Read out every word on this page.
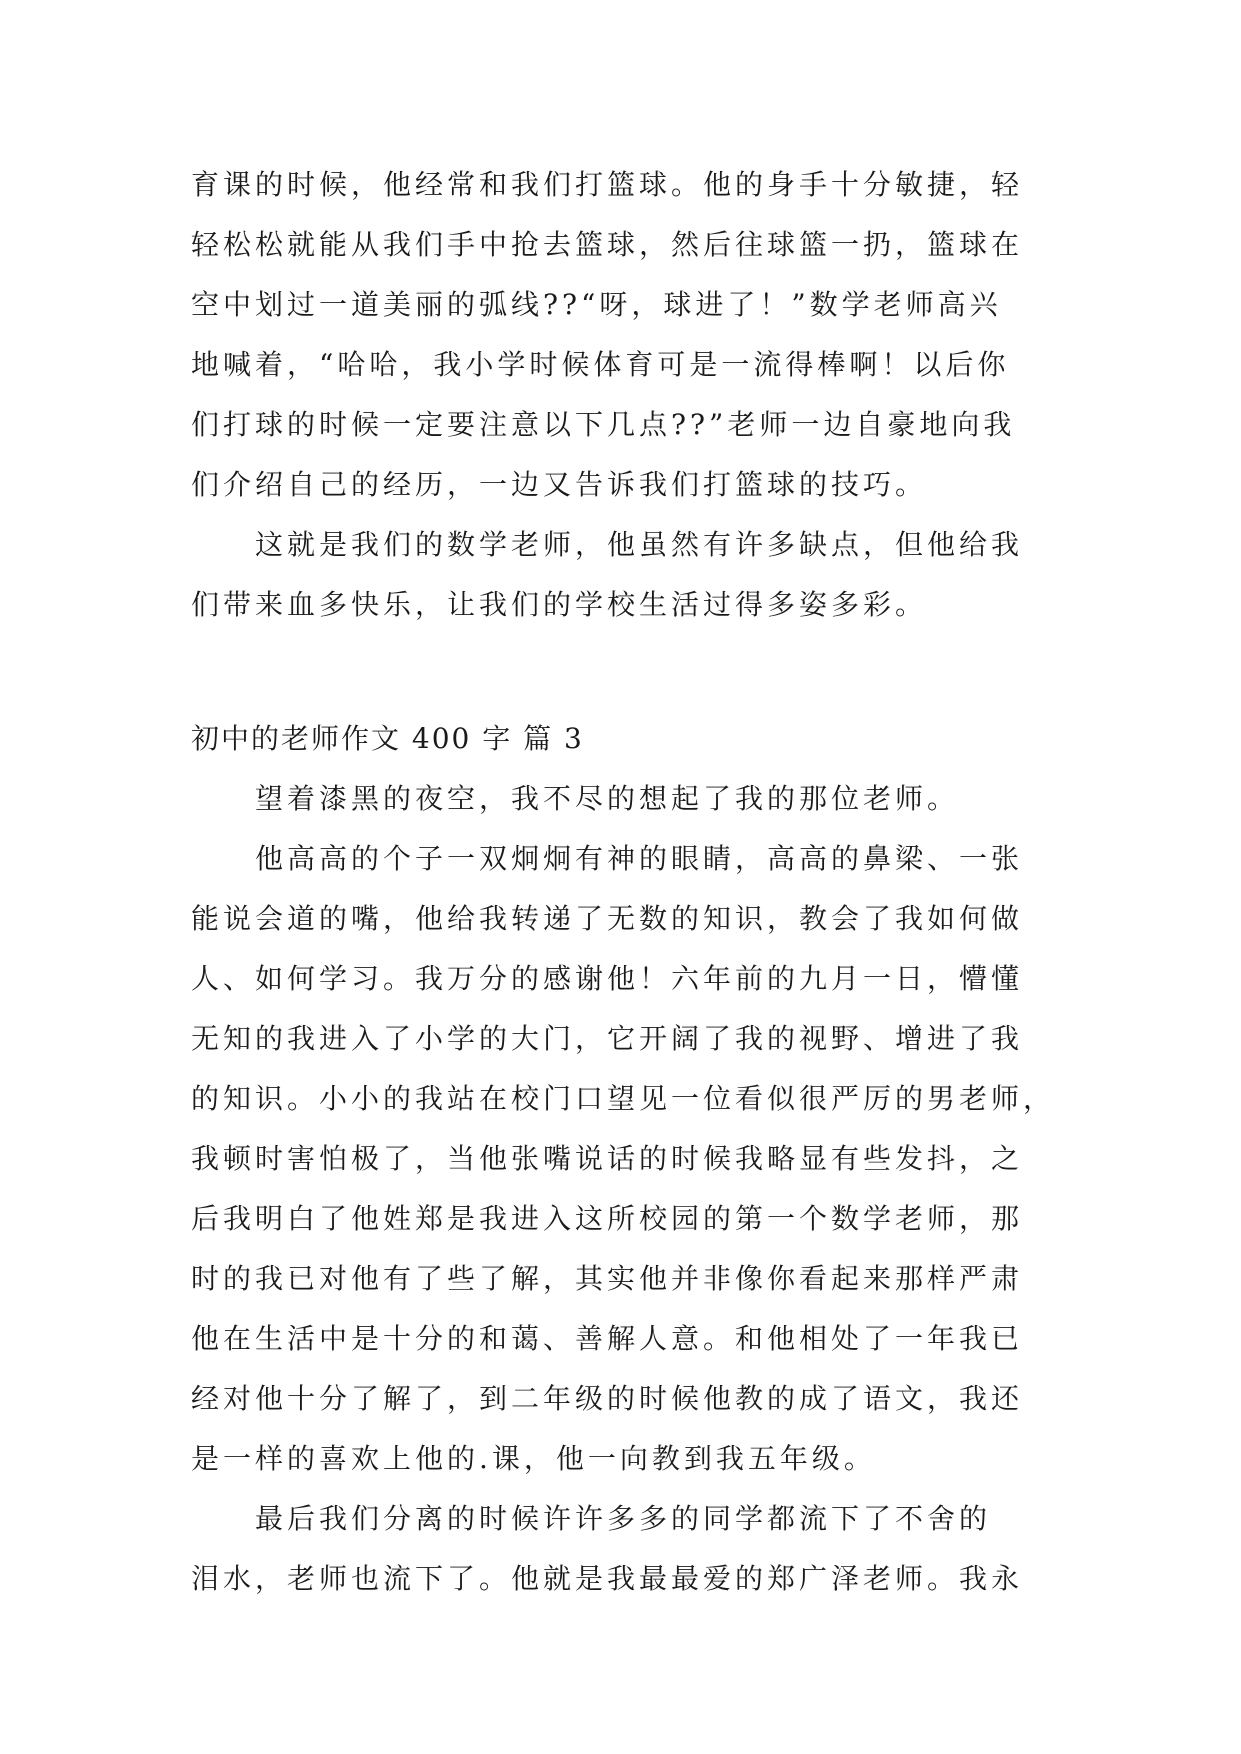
育课的时候，他经常和我们打篮球。他的身手十分敏捷，轻
轻松松就能从我们手中抢去篮球，然后往球篮一扔，篮球在
空中划过一道美丽的弧线??“呀，球进了！”数学老师高兴
地喊着，“哈哈，我小学时候体育可是一流得棒啊！以后你
们打球的时候一定要注意以下几点??”老师一边自豪地向我
们介绍自己的经历，一边又告诉我们打篮球的技巧。
　　这就是我们的数学老师，他虽然有许多缺点，但他给我
们带来血多快乐，让我们的学校生活过得多姿多彩。
初中的老师作文 400 字 篇 3
　　望着漆黑的夜空，我不尽的想起了我的那位老师。
　　他高高的个子一双炯炯有神的眼睛，高高的鼻梁、一张
能说会道的嘴，他给我转递了无数的知识，教会了我如何做
人、如何学习。我万分的感谢他！六年前的九月一日，懵懂
无知的我进入了小学的大门，它开阔了我的视野、增进了我
的知识。小小的我站在校门口望见一位看似很严厉的男老师，
我顿时害怕极了，当他张嘴说话的时候我略显有些发抖，之
后我明白了他姓郑是我进入这所校园的第一个数学老师，那
时的我已对他有了些了解，其实他并非像你看起来那样严肃
他在生活中是十分的和蔼、善解人意。和他相处了一年我已
经对他十分了解了，到二年级的时候他教的成了语文，我还
是一样的喜欢上他的.课，他一向教到我五年级。
　　最后我们分离的时候许许多多的同学都流下了不舍的
泪水，老师也流下了。他就是我最最爱的郑广泽老师。我永
